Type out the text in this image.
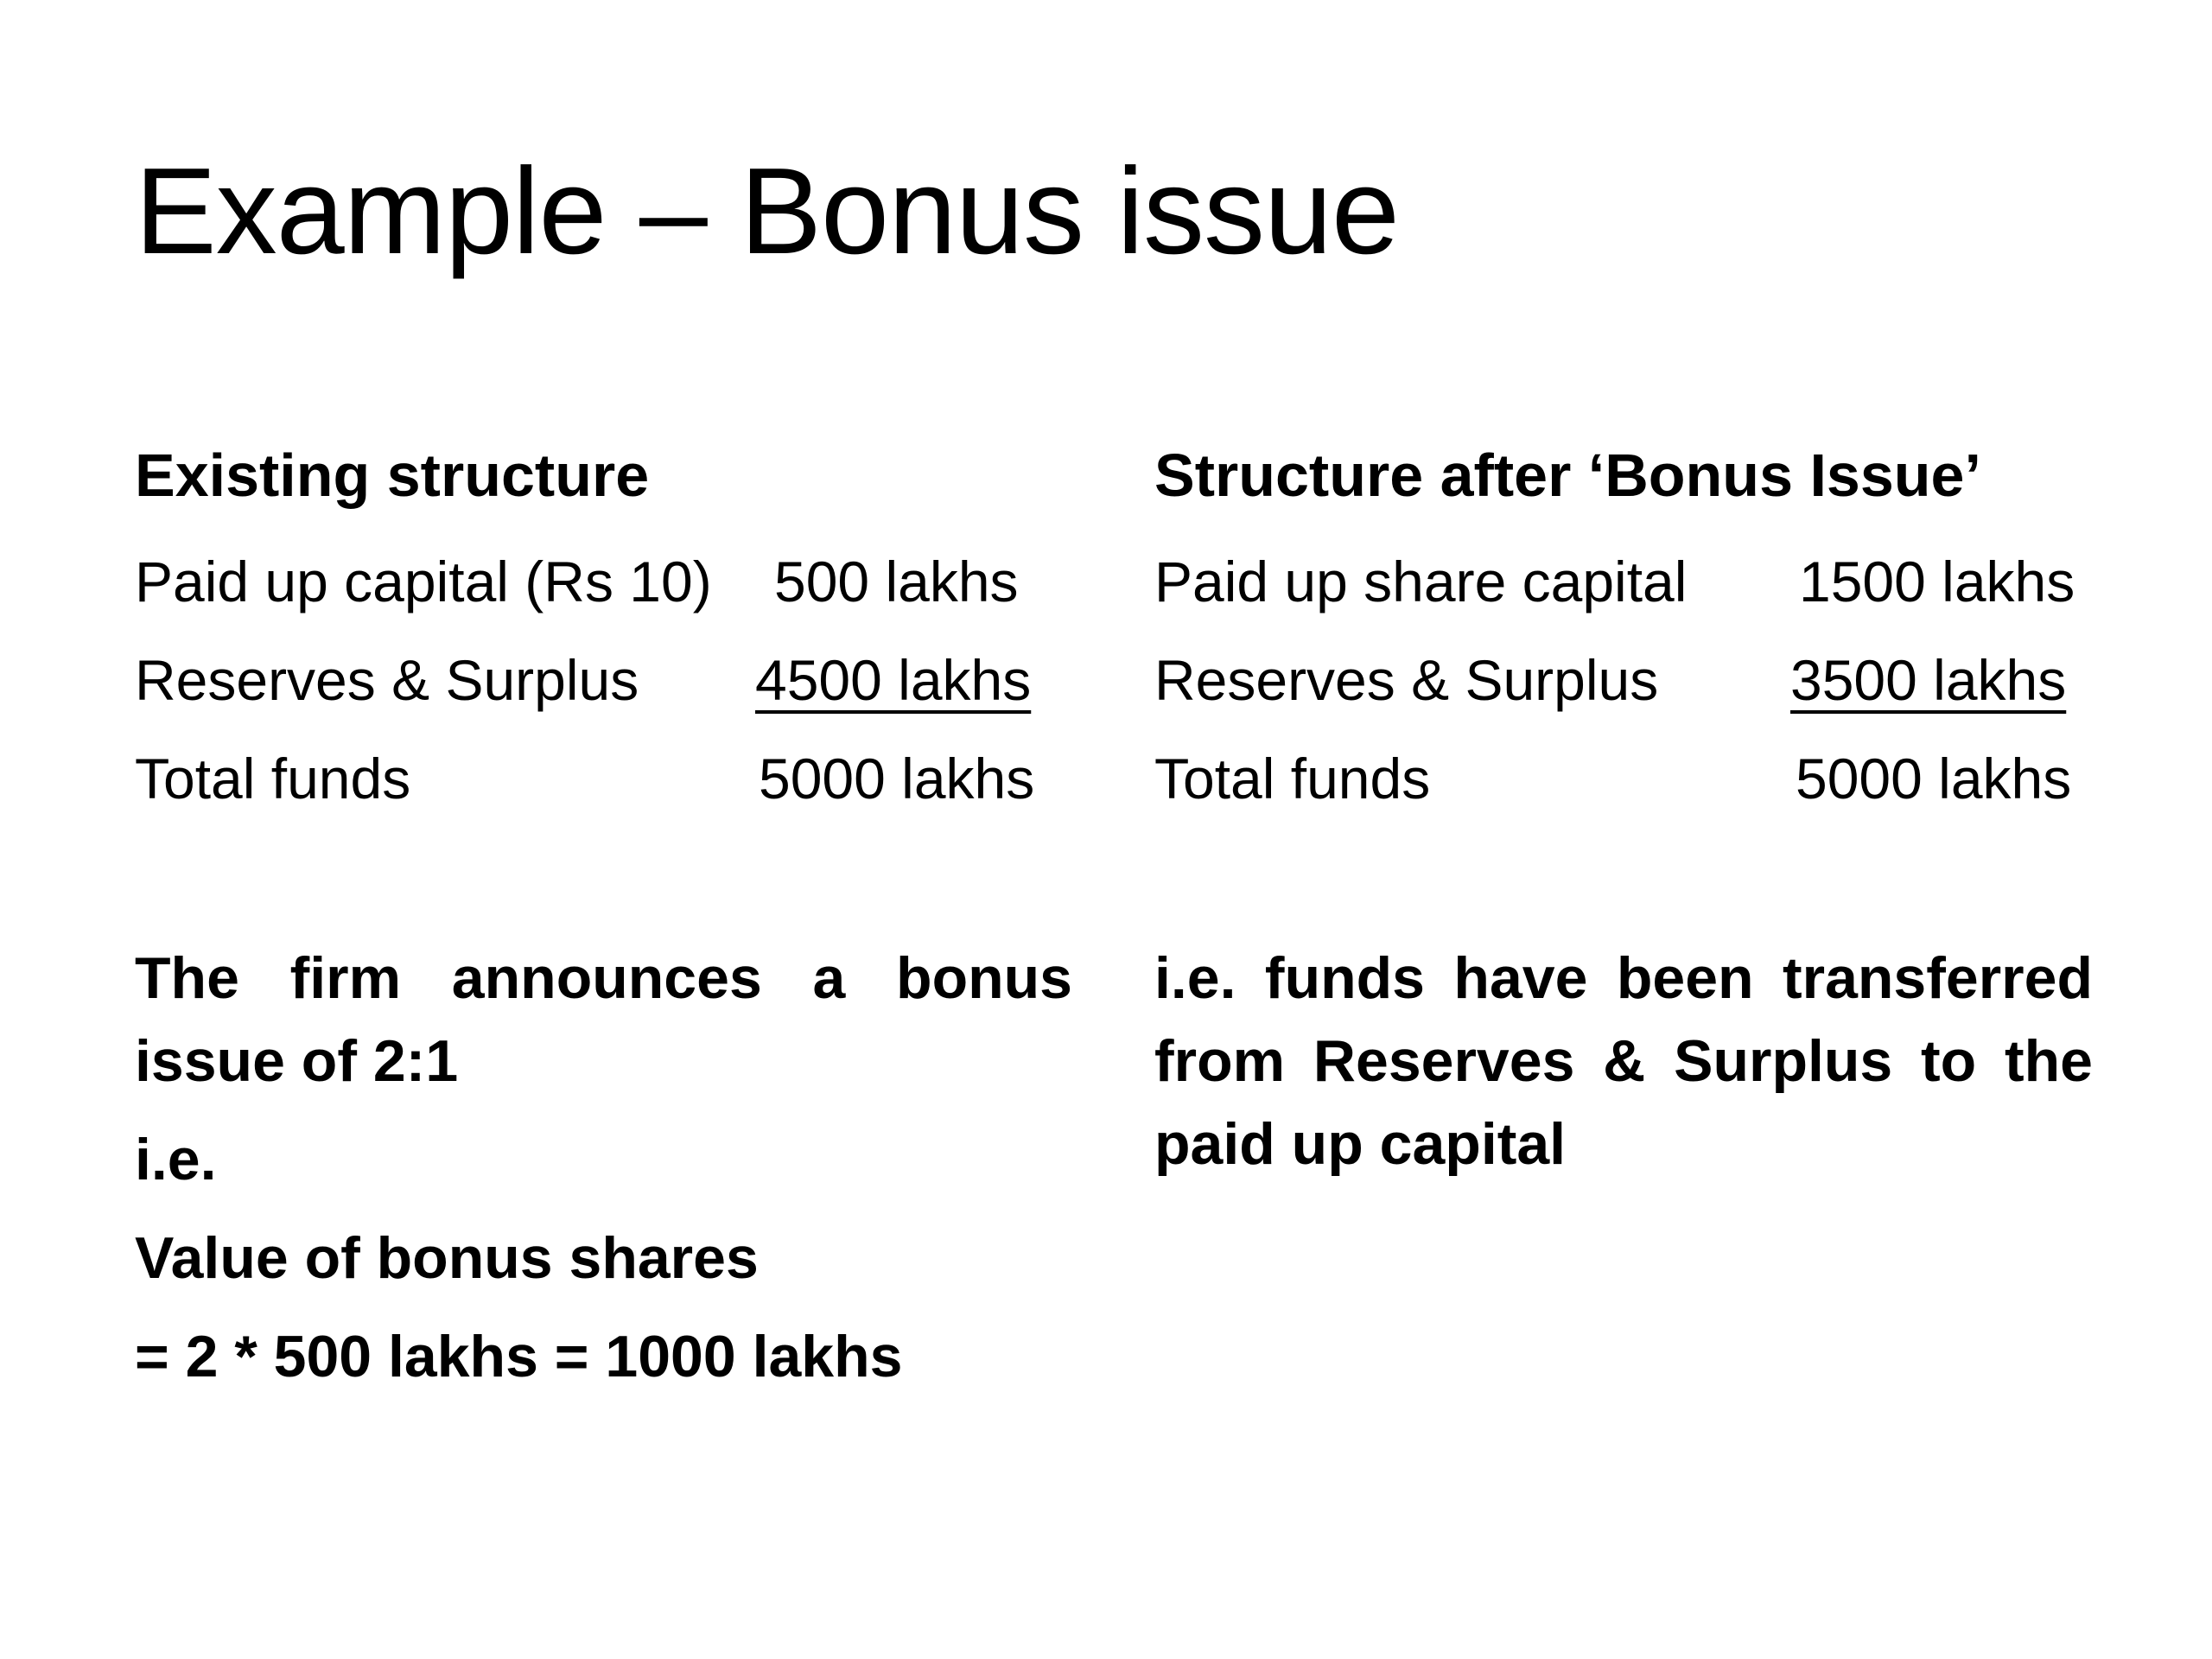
Example – Bonus issue
Existing structure
Paid up capital (Rs 10) 500 lakhs
Reserves & Surplus 4500 lakhs
Total funds	5000 lakhs
The firm announces a bonus issue of 2:1
i.e.
Value of bonus shares
= 2 * 500 lakhs = 1000 lakhs
Structure after ‘Bonus Issue’
Paid up share capital 1500 lakhs
Reserves & Surplus 3500 lakhs
Total funds	5000 lakhs
i.e. funds have been transferred from Reserves & Surplus to the paid up capital
